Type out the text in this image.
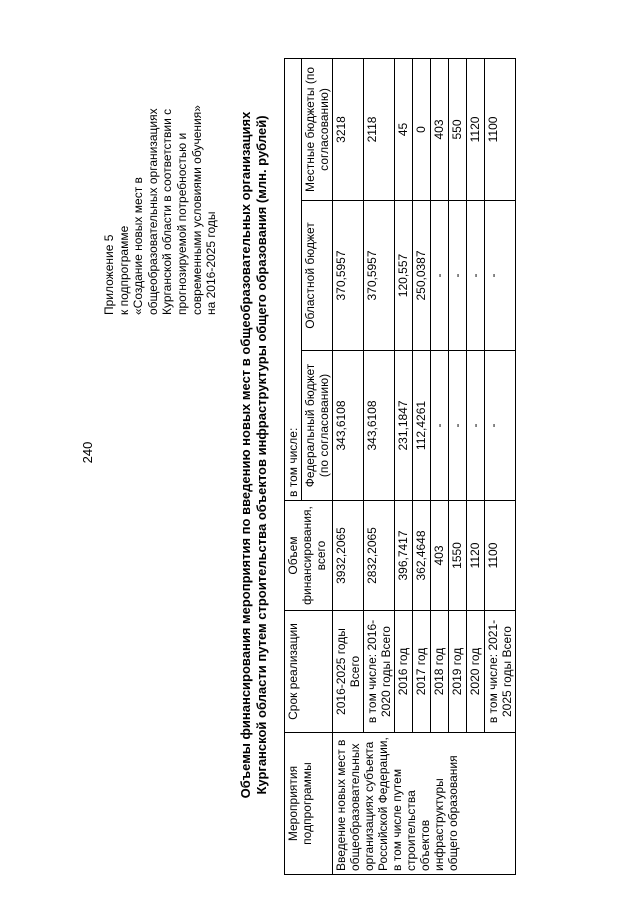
240
Приложение 5 к подпрограмме «Создание новых мест в общеобразовательных организациях Курганской области в соответствии с прогнозируемой потребностью и современными условиями обучения» на 2016-2025 годы Объемы финансирования мероприятия по введению новых мест в общеобразовательных организациях Курганской области путем строительства объектов инфраструктуры общего образования (млн. рублей)
Мероприятия подпрограммы	Срок реализации	Объем финансирования, всего	в том числе:		
			Федеральный бюджет (по согласованию)	Областной бюджет	Местные бюджеты (по согласованию)
Введение новых мест в общеобразовательных организациях субъекта Российской Федерации, в том числе путем строительства объектов инфраструктуры общего образования	2016-2025 годы Всего	3932,2065	343,6108	370,5957	3218
	в том числе: 2016-2020 годы Всего	2832,2065	343,6108	370,5957	2118
	2016 год	396,7417	231,1847	120,557	45
	2017 год	362,4648	112,4261	250,0387	0
	2018 год	403	-	-	403
	2019 год	1550	-	-	550
	2020 год	1120	-	-	1120
	в том числе: 2021-2025 годы Всего	1100	-	-	1100
